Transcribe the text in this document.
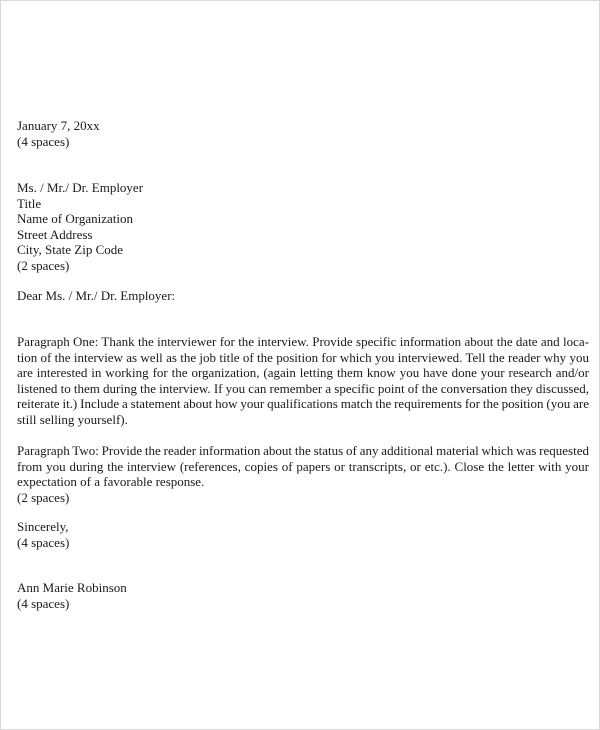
January 7, 20xx
(4 spaces)
Ms. / Mr./ Dr. Employer
Title
Name of Organization
Street Address
City, State Zip Code
(2 spaces)
Dear Ms. / Mr./ Dr. Employer:
Paragraph One: Thank the interviewer for the interview. Provide specific information about the date and loca-
tion of the interview as well as the job title of the position for which you interviewed. Tell the reader why you
are interested in working for the organization, (again letting them know you have done your research and/or
listened to them during the interview. If you can remember a specific point of the conversation they discussed,
reiterate it.) Include a statement about how your qualifications match the requirements for the position (you are
still selling yourself).
Paragraph Two: Provide the reader information about the status of any additional material which was requested
from you during the interview (references, copies of papers or transcripts, or etc.). Close the letter with your
expectation of a favorable response.
(2 spaces)
Sincerely,
(4 spaces)
Ann Marie Robinson
(4 spaces)
